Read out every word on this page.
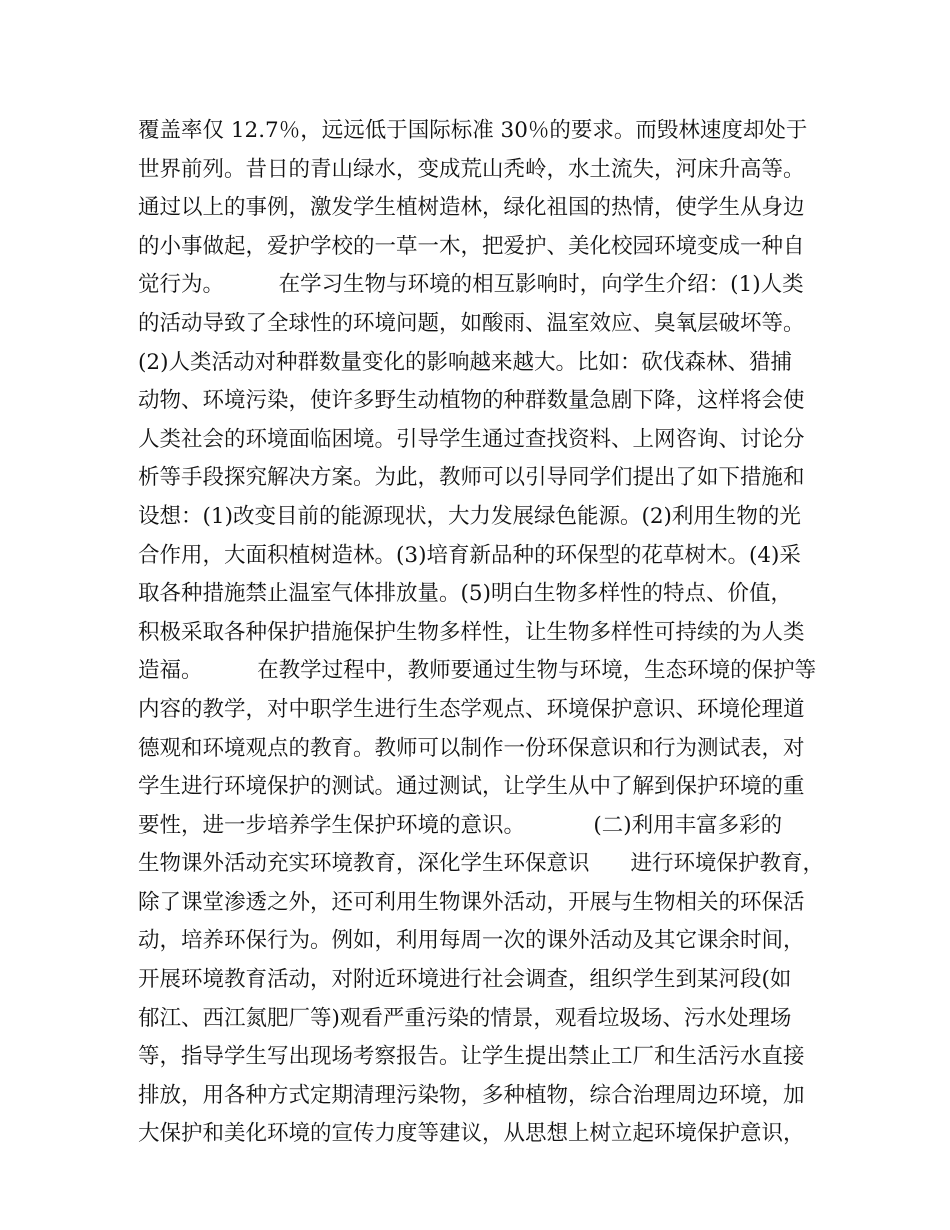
覆盖率仅 12.7％，远远低于国际标准 30％的要求。而毁林速度却处于
世界前列。昔日的青山绿水，变成荒山秃岭，水土流失，河床升高等。
通过以上的事例，激发学生植树造林，绿化祖国的热情，使学生从身边
的小事做起，爱护学校的一草一木，把爱护、美化校园环境变成一种自
觉行为。        在学习生物与环境的相互影响时，向学生介绍：(1)人类
的活动导致了全球性的环境问题，如酸雨、温室效应、臭氧层破坏等。
(2)人类活动对种群数量变化的影响越来越大。比如：砍伐森林、猎捕
动物、环境污染，使许多野生动植物的种群数量急剧下降，这样将会使
人类社会的环境面临困境。引导学生通过查找资料、上网咨询、讨论分
析等手段探究解决方案。为此，教师可以引导同学们提出了如下措施和
设想：(1)改变目前的能源现状，大力发展绿色能源。(2)利用生物的光
合作用，大面积植树造林。(3)培育新品种的环保型的花草树木。(4)采
取各种措施禁止温室气体排放量。(5)明白生物多样性的特点、价值，
积极采取各种保护措施保护生物多样性，让生物多样性可持续的为人类
造福。        在教学过程中，教师要通过生物与环境，生态环境的保护等
内容的教学，对中职学生进行生态学观点、环境保护意识、环境伦理道
德观和环境观点的教育。教师可以制作一份环保意识和行为测试表，对
学生进行环境保护的测试。通过测试，让学生从中了解到保护环境的重
要性，进一步培养学生保护环境的意识。          (二)利用丰富多彩的
生物课外活动充实环境教育，深化学生环保意识      进行环境保护教育，
除了课堂渗透之外，还可利用生物课外活动，开展与生物相关的环保活
动，培养环保行为。例如，利用每周一次的课外活动及其它课余时间，
开展环境教育活动，对附近环境进行社会调查，组织学生到某河段(如
郁江、西江氮肥厂等)观看严重污染的情景，观看垃圾场、污水处理场
等，指导学生写出现场考察报告。让学生提出禁止工厂和生活污水直接
排放，用各种方式定期清理污染物，多种植物，综合治理周边环境，加
大保护和美化环境的宣传力度等建议，从思想上树立起环境保护意识，
